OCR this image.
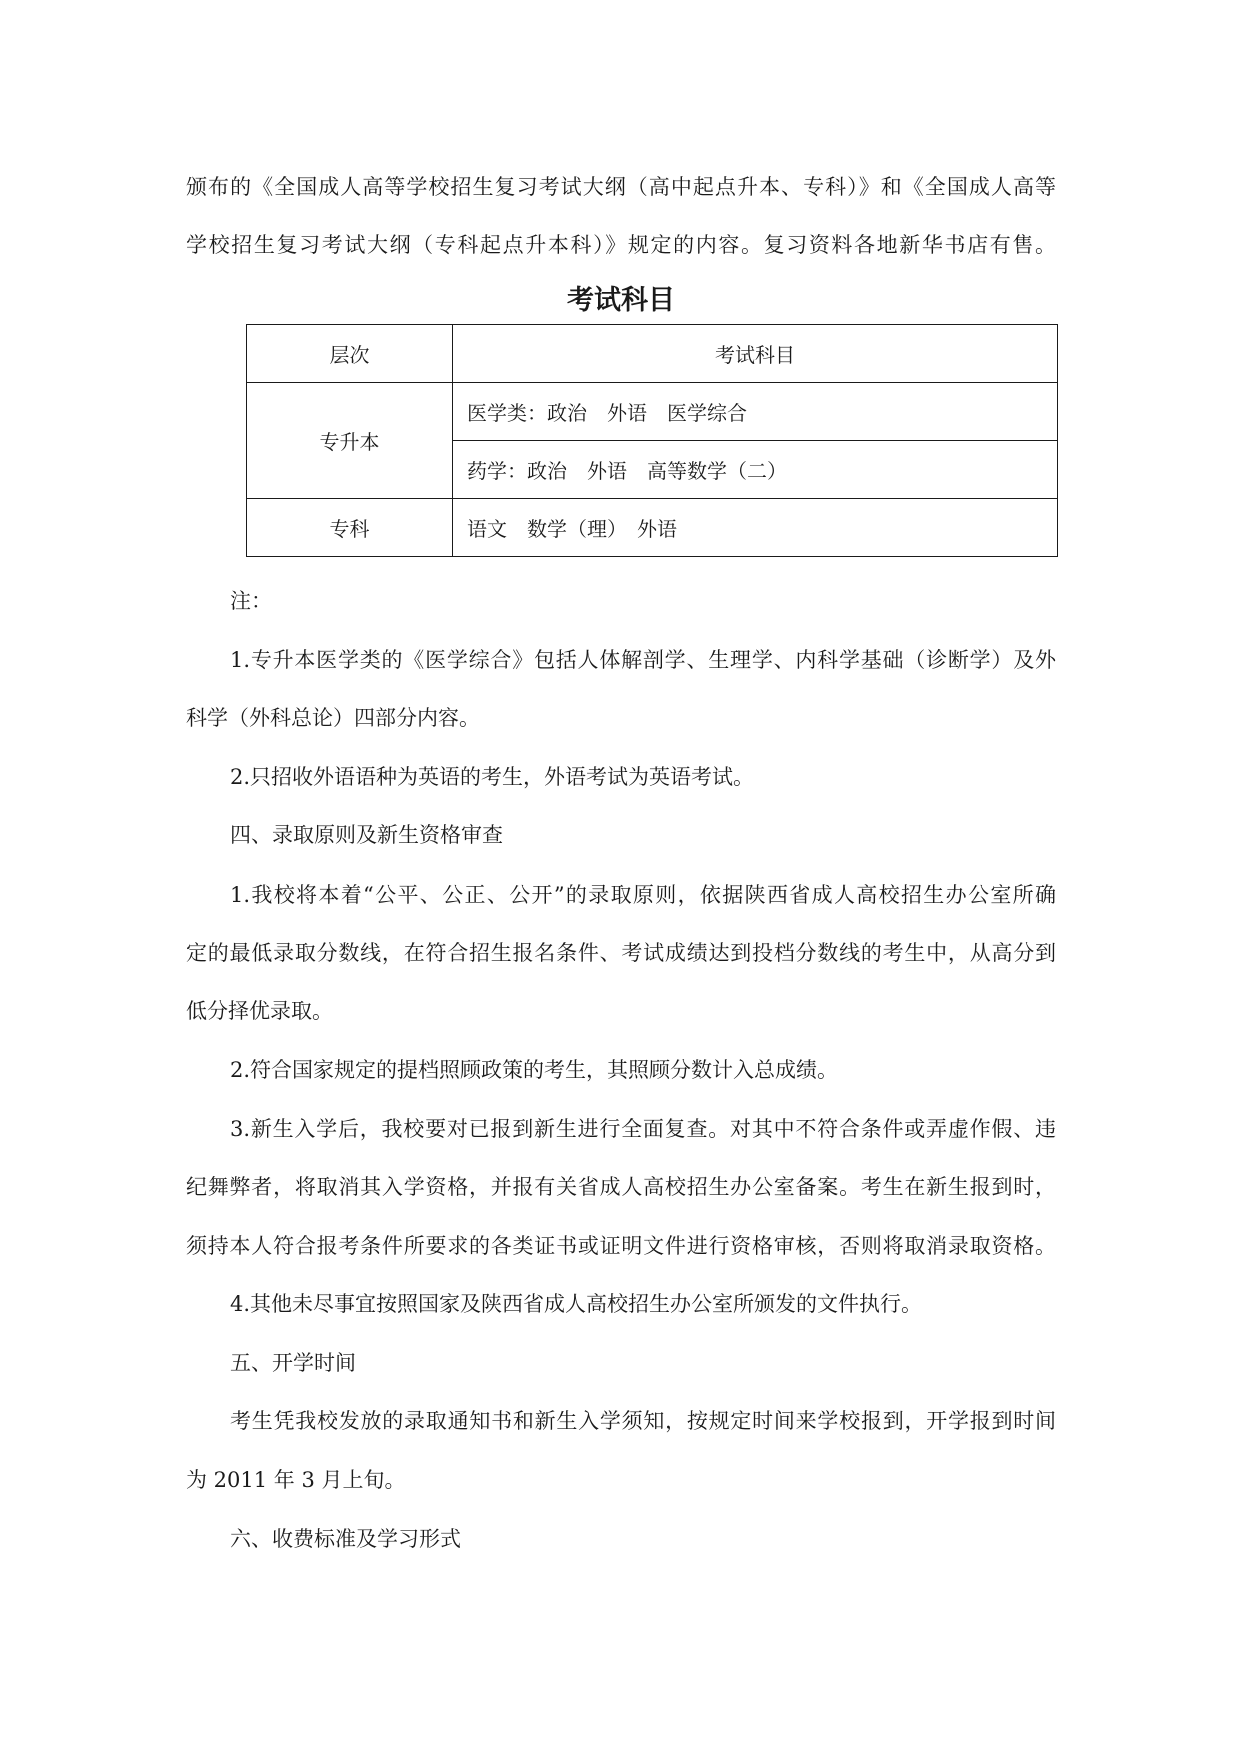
颁布的《全国成人高等学校招生复习考试大纲（高中起点升本、专科）》和《全国成人高等
学校招生复习考试大纲（专科起点升本科）》规定的内容。复习资料各地新华书店有售。
考试科目
层次	考试科目
专升本	医学类：政治　外语　医学综合
	药学：政治　外语　高等数学（二）
专科	语文　数学（理）　外语
注：
1.专升本医学类的《医学综合》包括人体解剖学、生理学、内科学基础（诊断学）及外
科学（外科总论）四部分内容。
2.只招收外语语种为英语的考生，外语考试为英语考试。
四、录取原则及新生资格审查
1.我校将本着“公平、公正、公开”的录取原则，依据陕西省成人高校招生办公室所确
定的最低录取分数线，在符合招生报名条件、考试成绩达到投档分数线的考生中，从高分到
低分择优录取。
2.符合国家规定的提档照顾政策的考生，其照顾分数计入总成绩。
3.新生入学后，我校要对已报到新生进行全面复查。对其中不符合条件或弄虚作假、违
纪舞弊者，将取消其入学资格，并报有关省成人高校招生办公室备案。考生在新生报到时，
须持本人符合报考条件所要求的各类证书或证明文件进行资格审核，否则将取消录取资格。
4.其他未尽事宜按照国家及陕西省成人高校招生办公室所颁发的文件执行。
五、开学时间
考生凭我校发放的录取通知书和新生入学须知，按规定时间来学校报到，开学报到时间
为 2011 年 3 月上旬。
六、收费标准及学习形式
